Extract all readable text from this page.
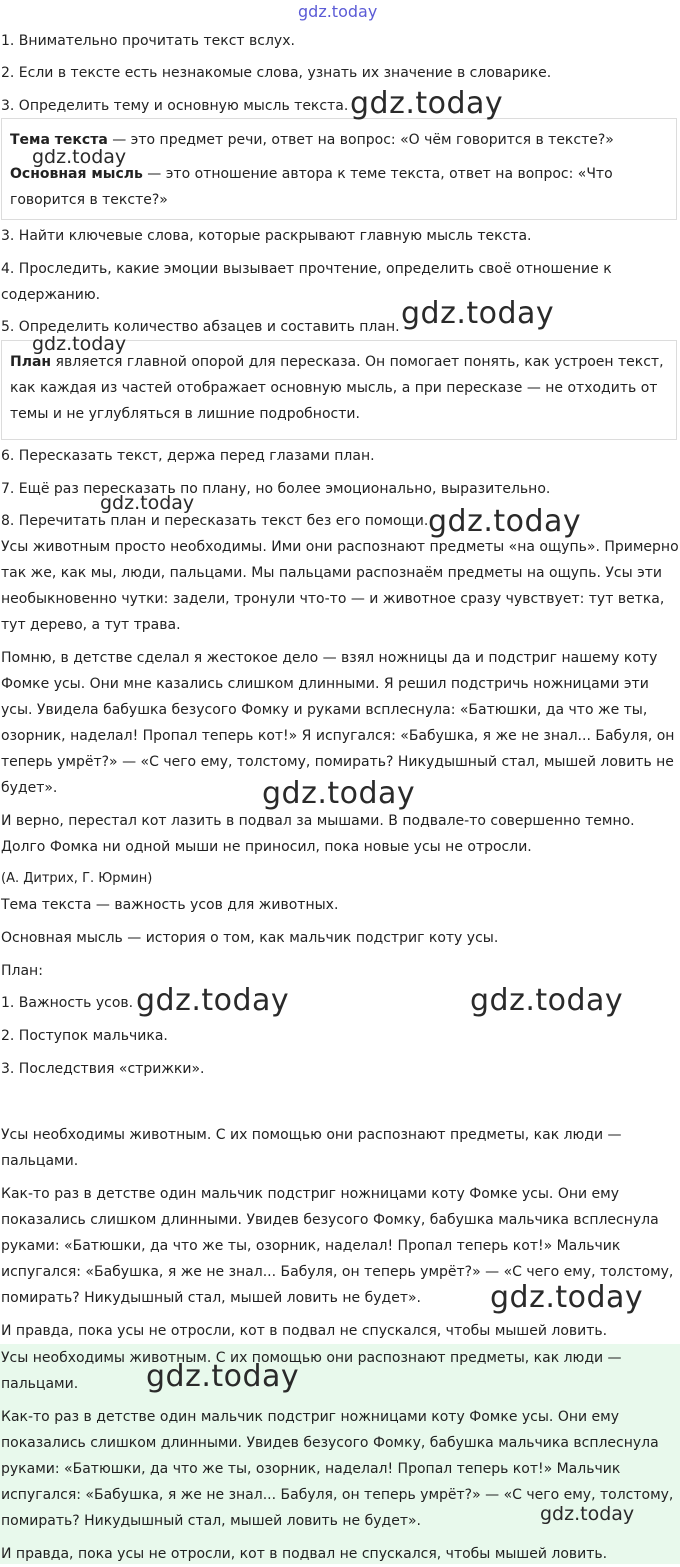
gdz.today

1. Внимательно прочитать текст вслух.

2. Если в тексте есть незнакомые слова, узнать их значение в словарике.

3. Определить тему и основную мысль текста.

Тема текста — это предмет речи, ответ на вопрос: «О чём говорится в тексте?»

Основная мысль — это отношение автора к теме текста, ответ на вопрос: «Что говорится в тексте?»

3. Найти ключевые слова, которые раскрывают главную мысль текста.

4. Проследить, какие эмоции вызывает прочтение, определить своё отношение к содержанию.

5. Определить количество абзацев и составить план.

План является главной опорой для пересказа. Он помогает понять, как устроен текст, как каждая из частей отображает основную мысль, а при пересказе — не отходить от темы и не углубляться в лишние подробности.

6. Пересказать текст, держа перед глазами план.

7. Ещё раз пересказать по плану, но более эмоционально, выразительно.

8. Перечитать план и пересказать текст без его помощи.

Усы животным просто необходимы. Ими они распознают предметы «на ощупь». Примерно так же, как мы, люди, пальцами. Мы пальцами распознаём предметы на ощупь. Усы эти необыкновенно чутки: задели, тронули что-то — и животное сразу чувствует: тут ветка, тут дерево, а тут трава.

Помню, в детстве сделал я жестокое дело — взял ножницы да и подстриг нашему коту Фомке усы. Они мне казались слишком длинными. Я решил подстричь ножницами эти усы. Увидела бабушка безусого Фомку и руками всплеснула: «Батюшки, да что же ты, озорник, наделал! Пропал теперь кот!» Я испугался: «Бабушка, я же не знал... Бабуля, он теперь умрёт?» — «С чего ему, толстому, помирать? Никудышный стал, мышей ловить не будет».

И верно, перестал кот лазить в подвал за мышами. В подвале-то совершенно темно. Долго Фомка ни одной мыши не приносил, пока новые усы не отросли.

(А. Дитрих, Г. Юрмин)

Тема текста — важность усов для животных.

Основная мысль — история о том, как мальчик подстриг коту усы.

План:

1. Важность усов.

2. Поступок мальчика.

3. Последствия «стрижки».

Усы необходимы животным. С их помощью они распознают предметы, как люди — пальцами.

Как-то раз в детстве один мальчик подстриг ножницами коту Фомке усы. Они ему показались слишком длинными. Увидев безусого Фомку, бабушка мальчика всплеснула руками: «Батюшки, да что же ты, озорник, наделал! Пропал теперь кот!» Мальчик испугался: «Бабушка, я же не знал... Бабуля, он теперь умрёт?» — «С чего ему, толстому, помирать? Никудышный стал, мышей ловить не будет».

И правда, пока усы не отросли, кот в подвал не спускался, чтобы мышей ловить.

Усы необходимы животным. С их помощью они распознают предметы, как люди — пальцами.

Как-то раз в детстве один мальчик подстриг ножницами коту Фомке усы. Они ему показались слишком длинными. Увидев безусого Фомку, бабушка мальчика всплеснула руками: «Батюшки, да что же ты, озорник, наделал! Пропал теперь кот!» Мальчик испугался: «Бабушка, я же не знал... Бабуля, он теперь умрёт?» — «С чего ему, толстому, помирать? Никудышный стал, мышей ловить не будет».

И правда, пока усы не отросли, кот в подвал не спускался, чтобы мышей ловить.

gdz.today
gdz.today
gdz.today
gdz.today
gdz.today
gdz.today
gdz.today
gdz.today	gdz.today
gdz.today
gdz.today
gdz.today
